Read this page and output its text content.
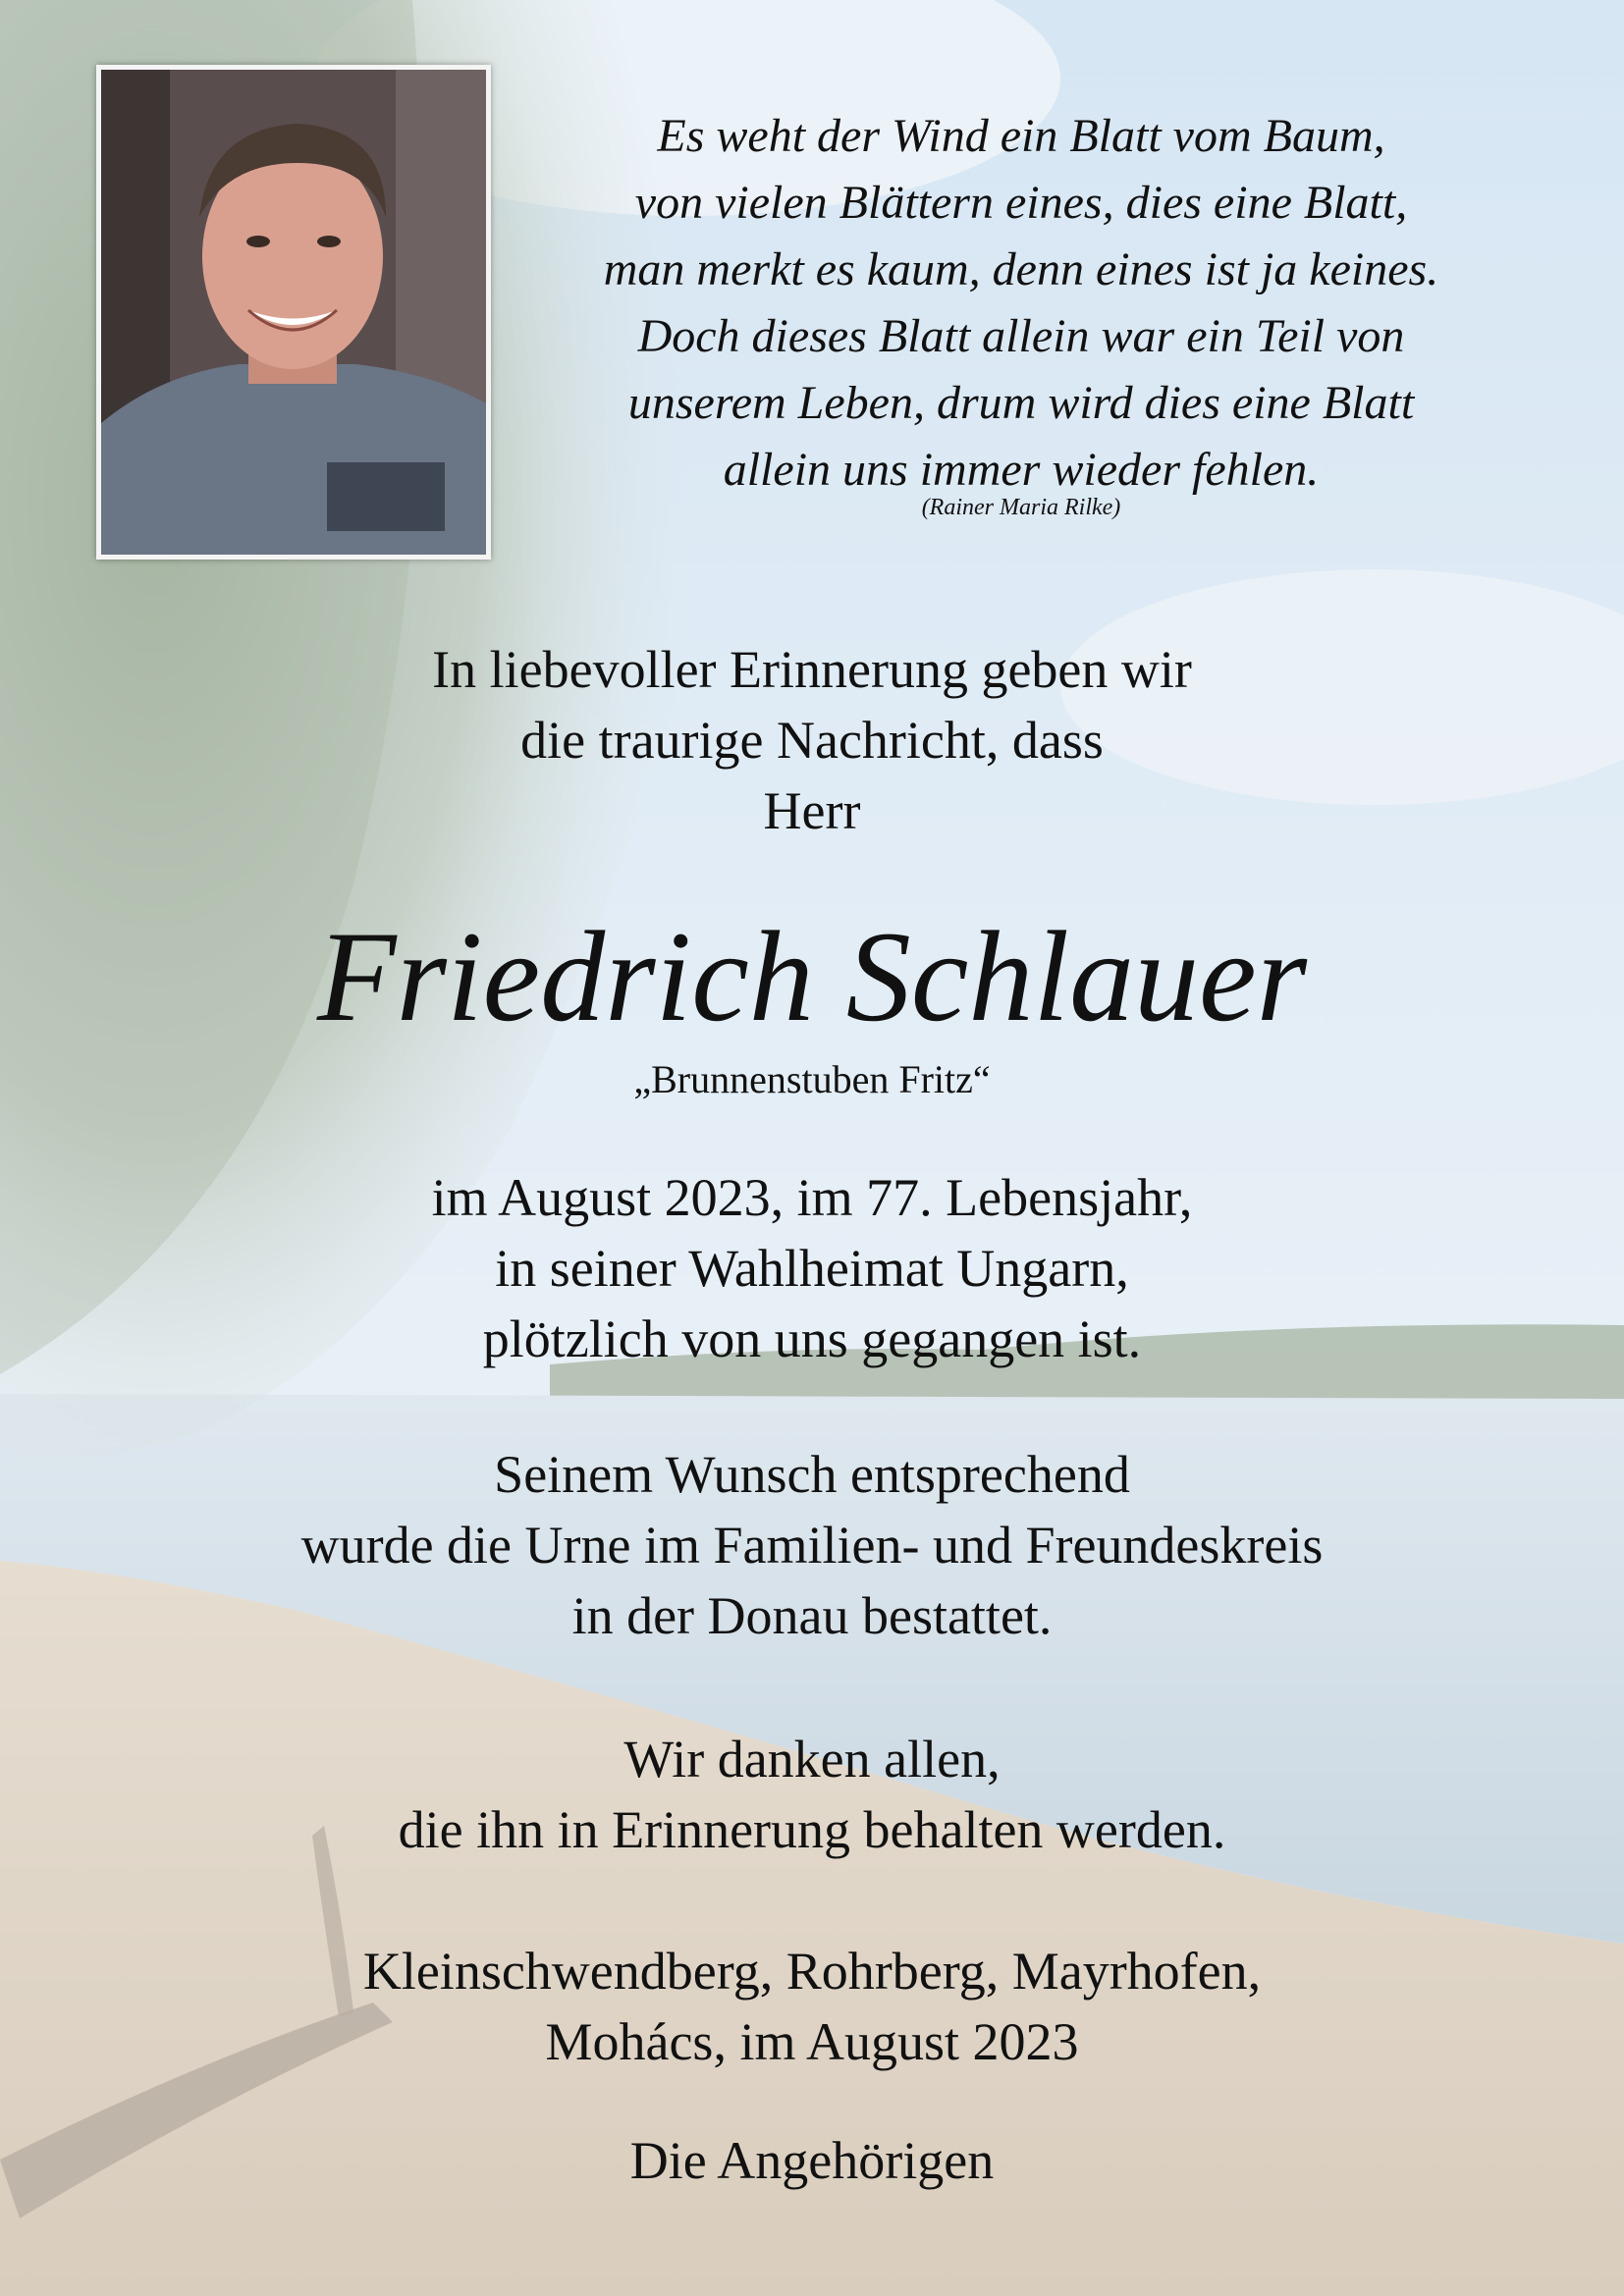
Es weht der Wind ein Blatt vom Baum,
von vielen Blättern eines, dies eine Blatt,
man merkt es kaum, denn eines ist ja keines.
Doch dieses Blatt allein war ein Teil von
unserem Leben, drum wird dies eine Blatt
allein uns immer wieder fehlen.
(Rainer Maria Rilke)
In liebevoller Erinnerung geben wir
die traurige Nachricht, dass
Herr
Friedrich Schlauer
„Brunnenstuben Fritz“
im August 2023, im 77. Lebensjahr,
in seiner Wahlheimat Ungarn,
plötzlich von uns gegangen ist.
Seinem Wunsch entsprechend
wurde die Urne im Familien- und Freundeskreis
in der Donau bestattet.
Wir danken allen,
die ihn in Erinnerung behalten werden.
Kleinschwendberg, Rohrberg, Mayrhofen,
Mohács, im August 2023
Die Angehörigen
